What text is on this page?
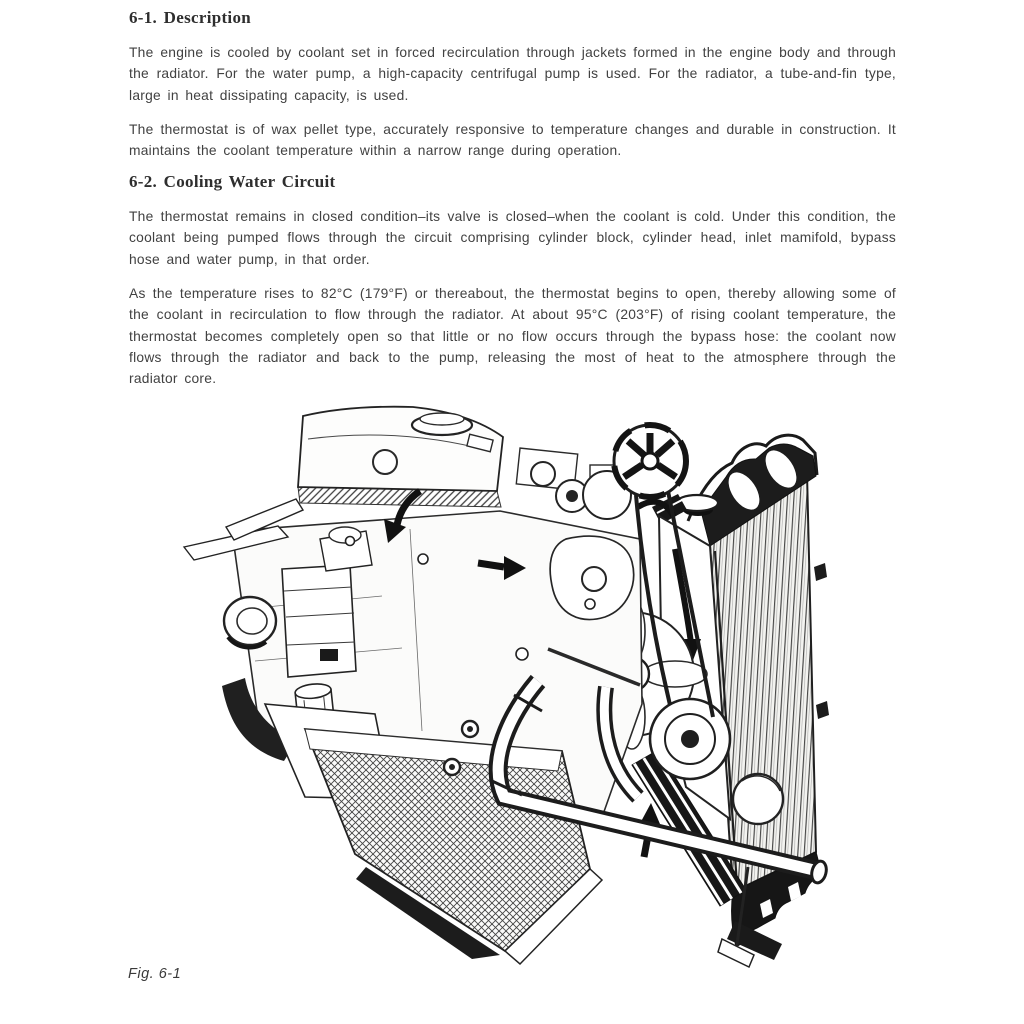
6-1. Description

The engine is cooled by coolant set in forced recirculation through jackets formed in the engine body and through the radiator. For the water pump, a high-capacity centrifugal pump is used. For the radiator, a tube-and-fin type, large in heat dissipating capacity, is used.

The thermostat is of wax pellet type, accurately responsive to temperature changes and durable in construction. It maintains the coolant temperature within a narrow range during operation.

6-2. Cooling Water Circuit

The thermostat remains in closed condition–its valve is closed–when the coolant is cold. Under this condition, the coolant being pumped flows through the circuit comprising cylinder block, cylinder head, inlet mamifold, bypass hose and water pump, in that order.

As the temperature rises to 82°C (179°F) or thereabout, the thermostat begins to open, thereby allowing some of the coolant in recirculation to flow through the radiator. At about 95°C (203°F) of rising coolant temperature, the thermostat becomes completely open so that little or no flow occurs through the bypass hose: the coolant now flows through the radiator and back to the pump, releasing the most of heat to the atmosphere through the radiator core.

Fig. 6-1
